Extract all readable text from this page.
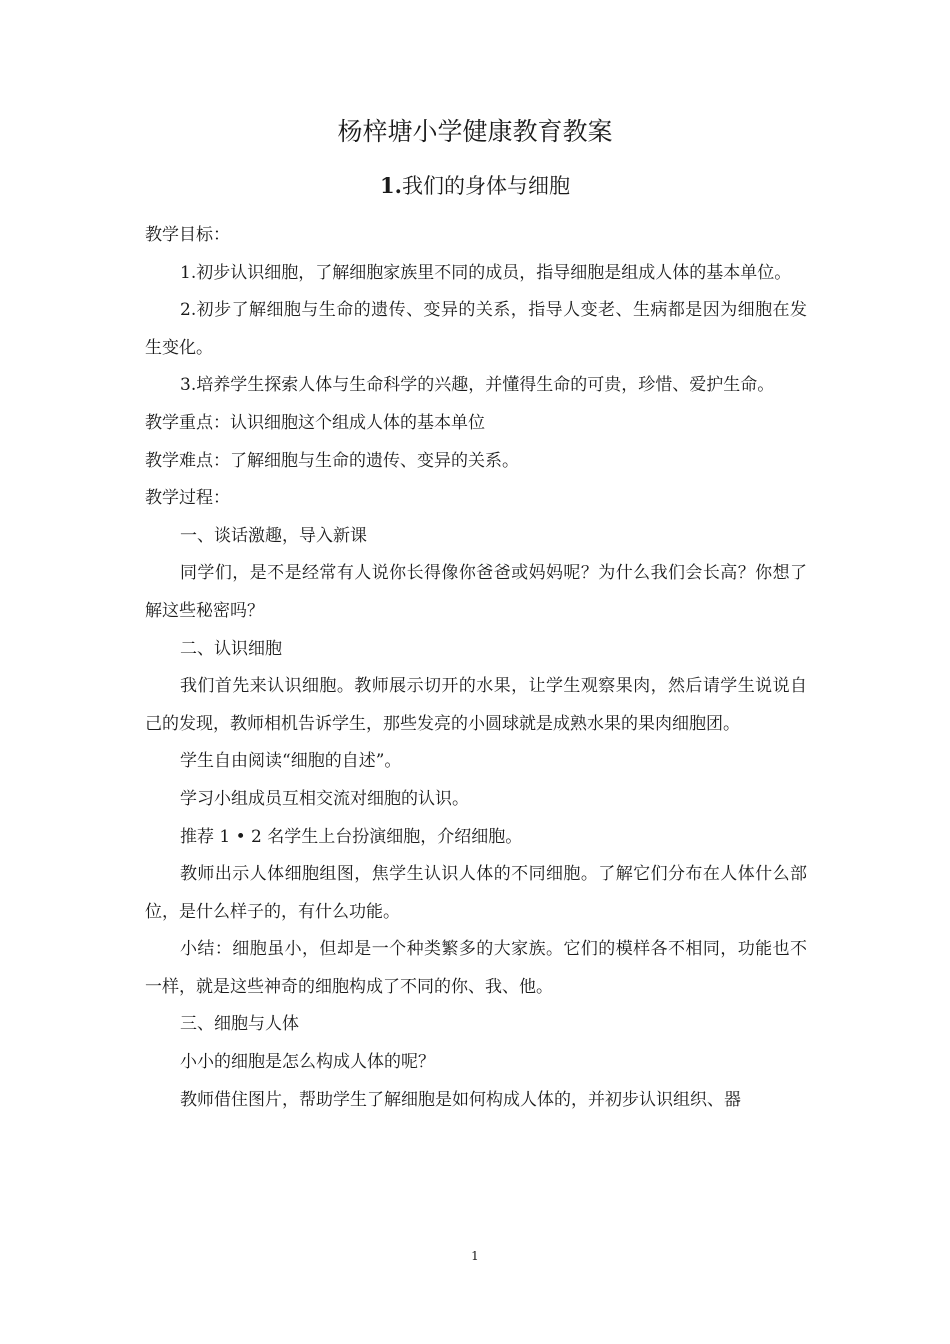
杨梓塘小学健康教育教案
1.我们的身体与细胞

教学目标：

1.初步认识细胞，了解细胞家族里不同的成员，指导细胞是组成人体的基本单位。

2.初步了解细胞与生命的遗传、变异的关系，指导人变老、生病都是因为细胞在发生变化。

3.培养学生探索人体与生命科学的兴趣，并懂得生命的可贵，珍惜、爱护生命。

教学重点：认识细胞这个组成人体的基本单位

教学难点：了解细胞与生命的遗传、变异的关系。

教学过程：

一、谈话激趣，导入新课

同学们，是不是经常有人说你长得像你爸爸或妈妈呢？为什么我们会长高？你想了解这些秘密吗？

二、认识细胞

我们首先来认识细胞。教师展示切开的水果，让学生观察果肉，然后请学生说说自己的发现，教师相机告诉学生，那些发亮的小圆球就是成熟水果的果肉细胞团。

学生自由阅读“细胞的自述”。

学习小组成员互相交流对细胞的认识。

推荐 1 • 2 名学生上台扮演细胞，介绍细胞。

教师出示人体细胞组图，焦学生认识人体的不同细胞。了解它们分布在人体什么部位，是什么样子的，有什么功能。

小结：细胞虽小，但却是一个种类繁多的大家族。它们的模样各不相同，功能也不一样，就是这些神奇的细胞构成了不同的你、我、他。

三、细胞与人体

小小的细胞是怎么构成人体的呢？

教师借住图片，帮助学生了解细胞是如何构成人体的，并初步认识组织、器

1
